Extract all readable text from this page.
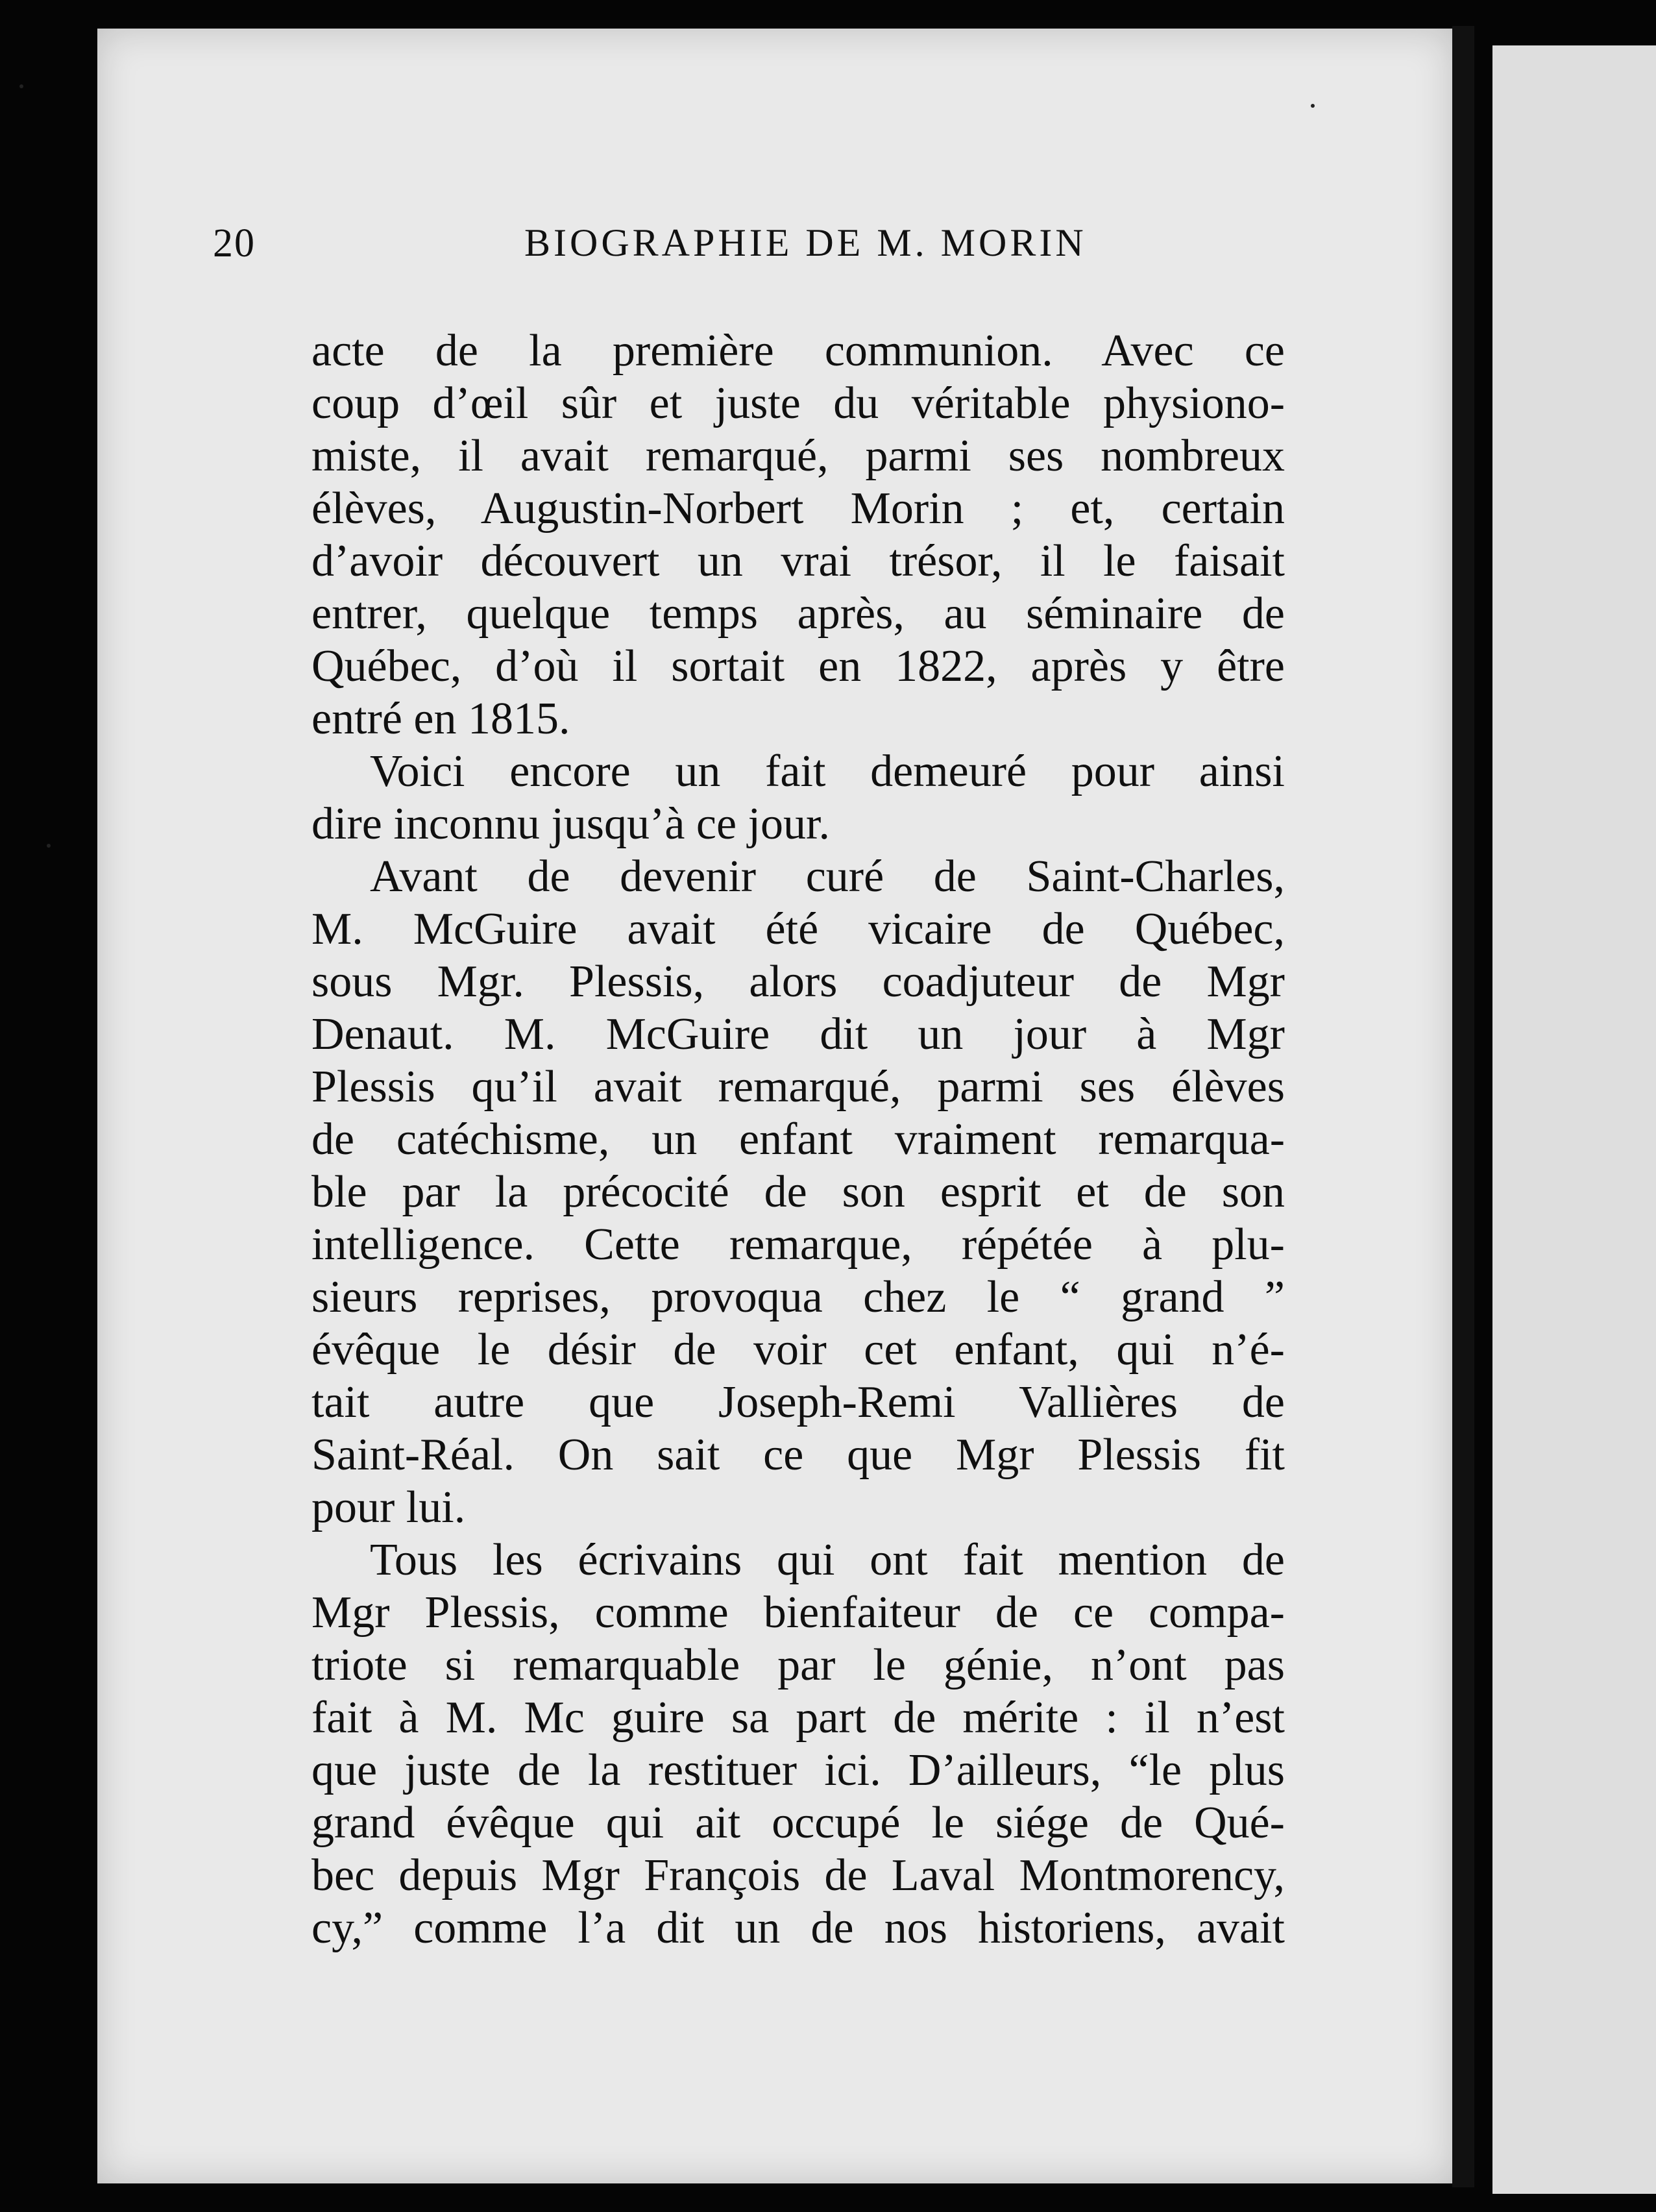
20	BIOGRAPHIE DE M. MORIN
acte de la première communion. Avec ce
coup d’œil sûr et juste du véritable physiono-
miste, il avait remarqué, parmi ses nombreux
élèves, Augustin-Norbert Morin ; et, certain
d’avoir découvert un vrai trésor, il le faisait
entrer, quelque temps après, au séminaire de
Québec, d’où il sortait en 1822, après y être
entré en 1815.
Voici encore un fait demeuré pour ainsi
dire inconnu jusqu’à ce jour.
Avant de devenir curé de Saint-Charles,
M. McGuire avait été vicaire de Québec,
sous Mgr. Plessis, alors coadjuteur de Mgr
Denaut. M. McGuire dit un jour à Mgr
Plessis qu’il avait remarqué, parmi ses élèves
de catéchisme, un enfant vraiment remarqua-
ble par la précocité de son esprit et de son
intelligence. Cette remarque, répétée à plu-
sieurs reprises, provoqua chez le “ grand ”
évêque le désir de voir cet enfant, qui n’é-
tait autre que Joseph-Remi Vallières de
Saint-Réal. On sait ce que Mgr Plessis fit
pour lui.
Tous les écrivains qui ont fait mention de
Mgr Plessis, comme bienfaiteur de ce compa-
triote si remarquable par le génie, n’ont pas
fait à M. Mc guire sa part de mérite : il n’est
que juste de la restituer ici. D’ailleurs, “le plus
grand évêque qui ait occupé le siége de Qué-
bec depuis Mgr François de Laval Montmorency,
cy,” comme l’a dit un de nos historiens, avait
